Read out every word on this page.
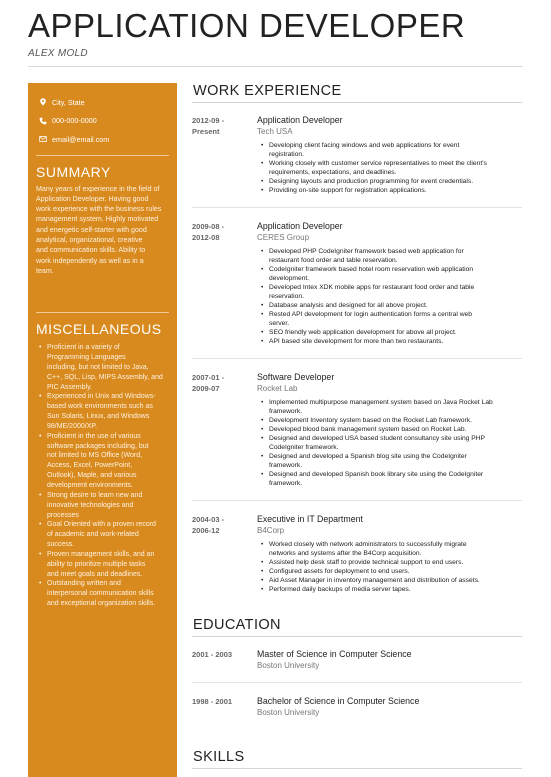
APPLICATION DEVELOPER
ALEX MOLD
City, State
000-000-0000
email@email.com
SUMMARY
Many years of experience in the field of
Application Developer. Having good
work experience with the business rules
management system. Highly motivated
and energetic self-starter with good
analytical, organizational, creative
and communication skills. Ability to
work independently as well as in a
team.
MISCELLANEOUS
• Proficient in a variety of
Programming Languages
including, but not limited to Java,
C++, SQL, Lisp, MIPS Assembly, and
PIC Assembly.
• Experienced in Unix and Windows-
based work environments such as
Sun Solaris, Linux, and Windows
98/ME/2000/XP.
• Proficient in the use of various
software packages including, but
not limited to MS Office (Word,
Access, Excel, PowerPoint,
Outlook), Maple, and various
development environments.
• Strong desire to learn new and
innovative technologies and
processes
• Goal Oriented with a proven record
of academic and work-related
success.
• Proven management skills, and an
ability to prioritize multiple tasks
and meet goals and deadlines.
• Outstanding written and
interpersonal communication skills
and exceptional organization skills.
WORK EXPERIENCE
2012-09 -
Present
Application Developer
Tech USA
• Developing client facing windows and web applications for event
registration.
• Working closely with customer service representatives to meet the client's
requirements, expectations, and deadlines.
• Designing layouts and production programming for event credentials.
• Providing on-site support for registration applications.
2009-08 -
2012-08
Application Developer
CERES Group
• Developed PHP CodeIgniter framework based web application for
restaurant food order and table reservation.
• CodeIgniter framework based hotel room reservation web application
development.
• Developed Intex XDK mobile apps for restaurant food order and table
reservation.
• Database analysis and designed for all above project.
• Rested API development for login authentication forms a central web
server.
• SEO friendly web application development for above all project.
• API based site development for more than two restaurants.
2007-01 -
2009-07
Software Developer
Rocket Lab
• Implemented multipurpose management system based on Java Rocket Lab
framework.
• Development Inventory system based on the Rocket Lab framework.
• Developed blood bank management system based on Rocket Lab.
• Designed and developed USA based student consultancy site using PHP
CodeIgniter framework.
• Designed and developed a Spanish blog site using the CodeIgniter
framework.
• Designed and developed Spanish book library site using the CodeIgniter
framework.
2004-03 -
2006-12
Executive in IT Department
B4Corp
• Worked closely with network administrators to successfully migrate
networks and systems after the B4Corp acquisition.
• Assisted help desk staff to provide technical support to end users.
• Configured assets for deployment to end users.
• Aid Asset Manager in inventory management and distribution of assets.
• Performed daily backups of media server tapes.
EDUCATION
2001 - 2003	Master of Science in Computer Science
Boston University
1998 - 2001	Bachelor of Science in Computer Science
Boston University
SKILLS
